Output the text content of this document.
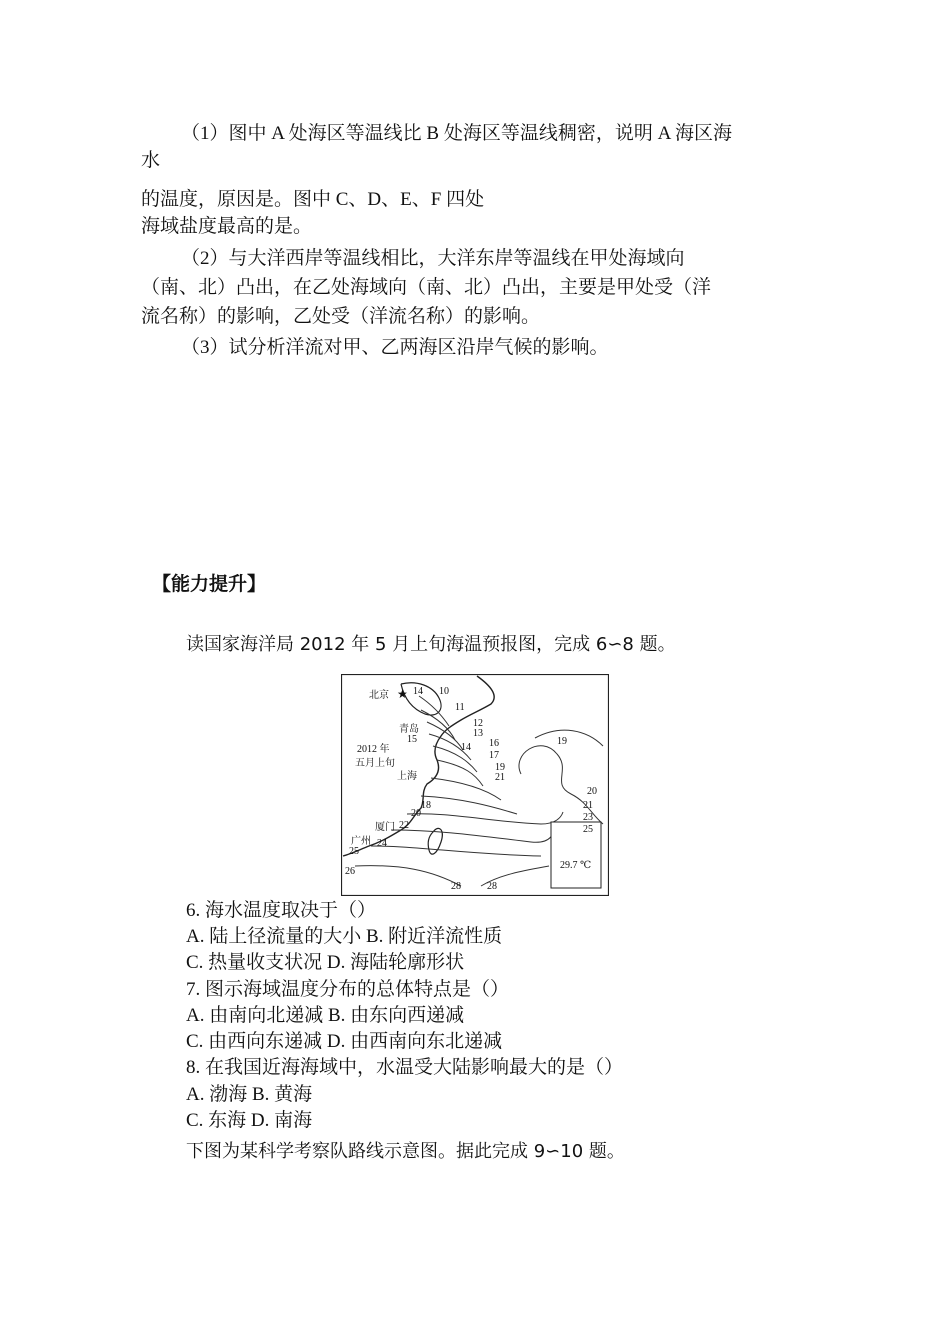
（1）图中 A 处海区等温线比 B 处海区等温线稠密，说明 A 海区海
水
的温度，原因是。图中 C、D、E、F 四处
海域盐度最高的是。
（2）与大洋西岸等温线相比，大洋东岸等温线在甲处海域向
（南、北）凸出，在乙处海域向（南、北）凸出，主要是甲处受（洋
流名称）的影响，乙处受（洋流名称）的影响。
（3）试分析洋流对甲、乙两海区沿岸气候的影响。
【能力提升】
读国家海洋局 2012 年 5 月上旬海温预报图，完成 6∽8 题。
29.7 ℃
★
北京
青岛
上海
厦门
广州
2012 年
五月上旬
14 10
11
12
13
14
15	16
17
19
21
18
20
22
24
25
26
28	28
19
20
21
23
25
6. 海水温度取决于（）
A. 陆上径流量的大小 B. 附近洋流性质
C. 热量收支状况 D. 海陆轮廓形状
7. 图示海域温度分布的总体特点是（）
A. 由南向北递减 B. 由东向西递减
C. 由西向东递减 D. 由西南向东北递减
8. 在我国近海海域中，水温受大陆影响最大的是（）
A. 渤海 B. 黄海
C. 东海 D. 南海
下图为某科学考察队路线示意图。据此完成 9∽10 题。
